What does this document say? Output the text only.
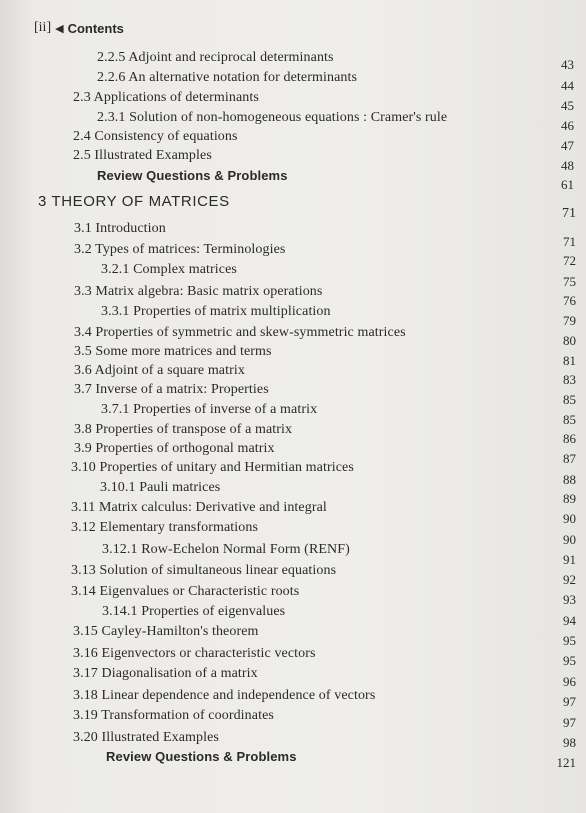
[ii] ◀ Contents
2.2.5 Adjoint and reciprocal determinants
2.2.6 An alternative notation for determinants
2.3 Applications of determinants
2.3.1 Solution of non-homogeneous equations : Cramer's rule
2.4 Consistency of equations
2.5 Illustrated Examples
Review Questions & Problems
3 THEORY OF MATRICES
3.1 Introduction
3.2 Types of matrices: Terminologies
3.2.1 Complex matrices
3.3 Matrix algebra: Basic matrix operations
3.3.1 Properties of matrix multiplication
3.4 Properties of symmetric and skew-symmetric matrices
3.5 Some more matrices and terms
3.6 Adjoint of a square matrix
3.7 Inverse of a matrix: Properties
3.7.1 Properties of inverse of a matrix
3.8 Properties of transpose of a matrix
3.9 Properties of orthogonal matrix
3.10 Properties of unitary and Hermitian matrices
3.10.1 Pauli matrices
3.11 Matrix calculus: Derivative and integral
3.12 Elementary transformations
3.12.1 Row-Echelon Normal Form (RENF)
3.13 Solution of simultaneous linear equations
3.14 Eigenvalues or Characteristic roots
3.14.1 Properties of eigenvalues
3.15 Cayley-Hamilton's theorem
3.16 Eigenvectors or characteristic vectors
3.17 Diagonalisation of a matrix
3.18 Linear dependence and independence of vectors
3.19 Transformation of coordinates
3.20 Illustrated Examples
Review Questions & Problems
43
44
45
46
47
48
61
71
71
72
75
76
79
80
81
83
85
85
86
87
88
89
90
90
91
92
93
94
95
95
96
97
97
98
121
